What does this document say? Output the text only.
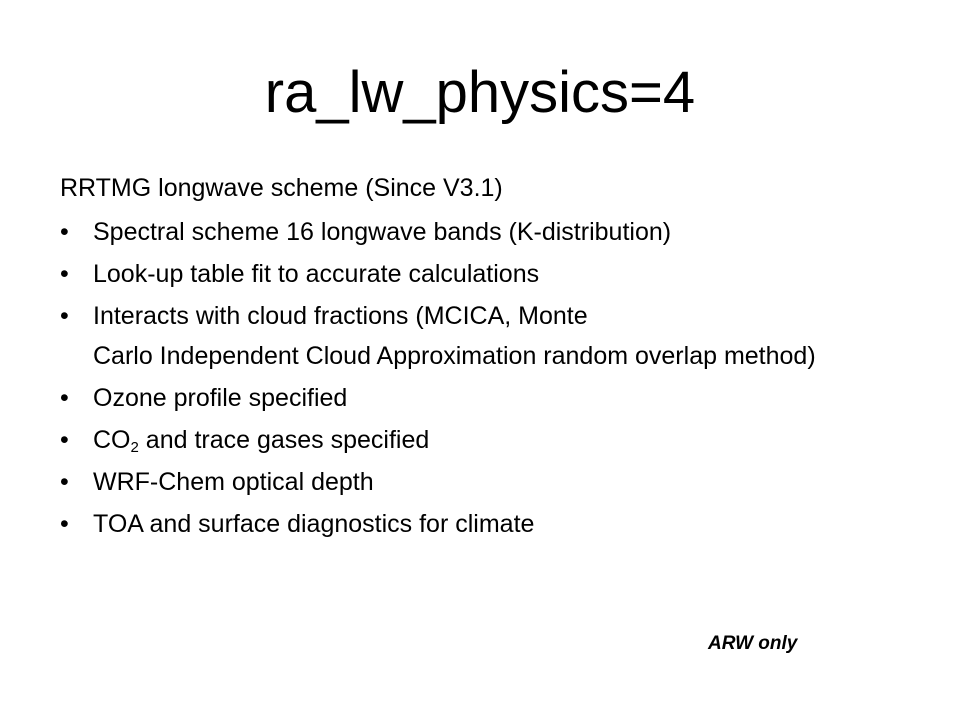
ra_lw_physics=4

RRTMG longwave scheme (Since V3.1)

• Spectral scheme 16 longwave bands (K-distribution)
• Look-up table fit to accurate calculations
• Interacts with cloud fractions (MCICA, Monte
Carlo Independent Cloud Approximation random overlap method)
• Ozone profile specified
• $CO_2$ and trace gases specified
• WRF-Chem optical depth
• TOA and surface diagnostics for climate

ARW only
